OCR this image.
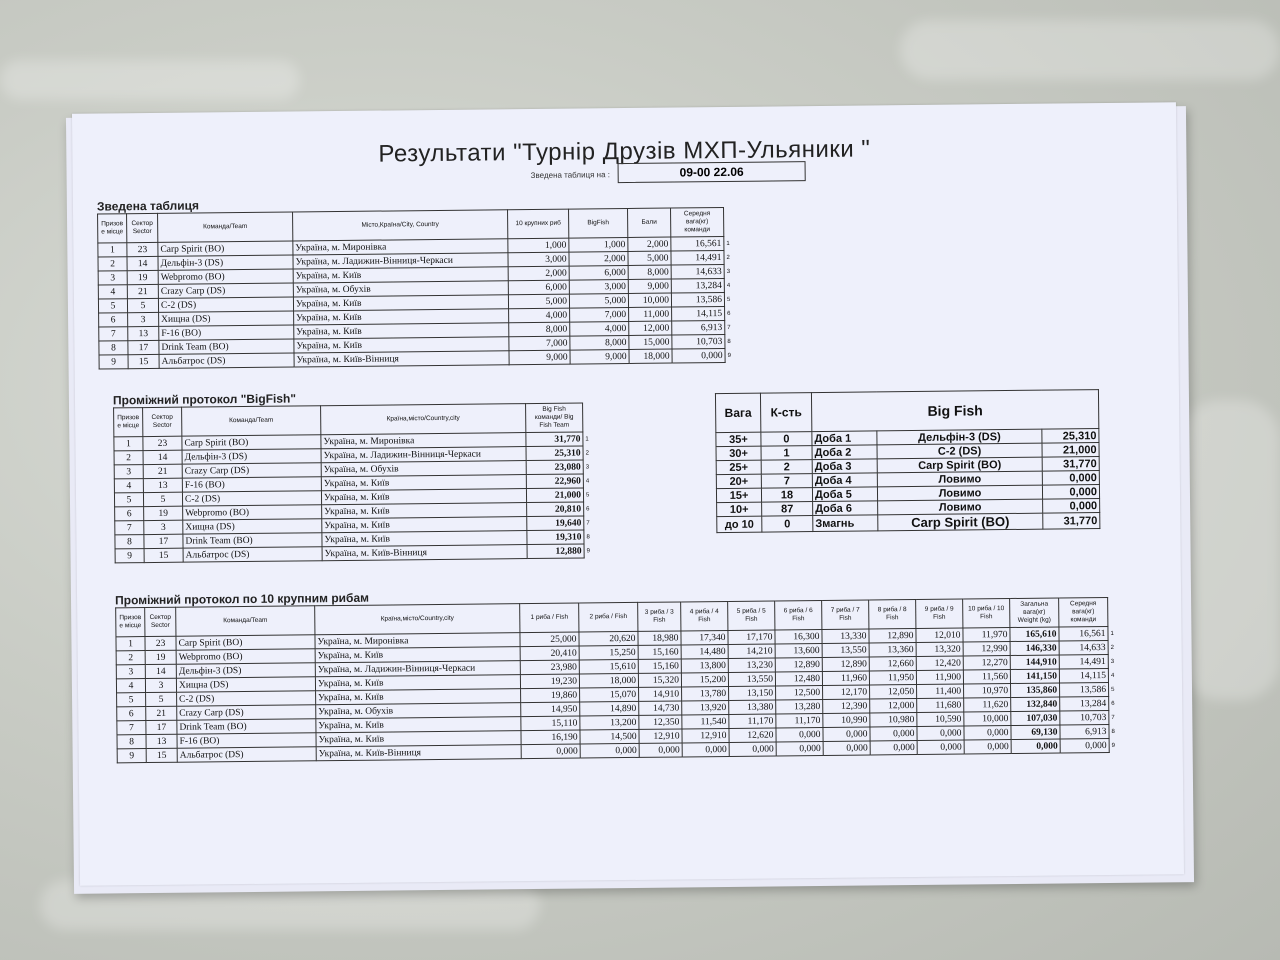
Результати "Турнір Друзів МХП-Ульяники "
Зведена таблиця на :	09-00 22.06
Зведена таблиця
Призов е місце	Сектор Sector	Команда/Team	Місто,Країна/City, Country	10 крупних риб	BigFish	Бали	Середня вага(кг) команди	
1	23	Carp Spirit (BO)	Україна, м. Миронівка	1,000	1,000	2,000	16,561	1
2	14	Дельфін-3 (DS)	Україна, м. Ладижин-Вінниця-Черкаси	3,000	2,000	5,000	14,491	2
3	19	Webpromo (BO)	Україна, м. Київ	2,000	6,000	8,000	14,633	3
4	21	Crazy Carp (DS)	Україна, м. Обухів	6,000	3,000	9,000	13,284	4
5	5	C-2 (DS)	Україна, м. Київ	5,000	5,000	10,000	13,586	5
6	3	Хищна (DS)	Україна, м. Київ	4,000	7,000	11,000	14,115	6
7	13	F-16 (BO)	Україна, м. Київ	8,000	4,000	12,000	6,913	7
8	17	Drink Team (BO)	Україна, м. Київ	7,000	8,000	15,000	10,703	8
9	15	Альбатрос (DS)	Україна, м. Київ-Вінниця	9,000	9,000	18,000	0,000	9
Проміжний протокол "BigFish"
Призов е місце	Сектор Sector	Команда/Team	Країна,місто/Country,city	Big Fish команди/ Big Fish Team	
1	23	Carp Spirit (BO)	Україна, м. Миронівка	31,770	1
2	14	Дельфін-3 (DS)	Україна, м. Ладижин-Вінниця-Черкаси	25,310	2
3	21	Crazy Carp (DS)	Україна, м. Обухів	23,080	3
4	13	F-16 (BO)	Україна, м. Київ	22,960	4
5	5	C-2 (DS)	Україна, м. Київ	21,000	5
6	19	Webpromo (BO)	Україна, м. Київ	20,810	6
7	3	Хищна (DS)	Україна, м. Київ	19,640	7
8	17	Drink Team (BO)	Україна, м. Київ	19,310	8
9	15	Альбатрос (DS)	Україна, м. Київ-Вінниця	12,880	9
Вага	К-сть	Big Fish		
35+	0	Доба 1	Дельфін-3 (DS)	25,310
30+	1	Доба 2	C-2 (DS)	21,000
25+	2	Доба 3	Carp Spirit (BO)	31,770
20+	7	Доба 4	Ловимо	0,000
15+	18	Доба 5	Ловимо	0,000
10+	87	Доба 6	Ловимо	0,000
до 10	0	Змагнь	Carp Spirit (BO)	31,770
Проміжний протокол по 10 крупним рибам
Призов е місце	Сектор Sector	Команда/Team	Країна,місто/Country,city	1 риба / Fish	2 риба / Fish	3 риба / 3 Fish	4 риба / 4 Fish	5 риба / 5 Fish	6 риба / 6 Fish	7 риба / 7 Fish	8 риба / 8 Fish	9 риба / 9 Fish	10 риба / 10 Fish	Загальна вага(кг) Weight (kg)	Середня вага(кг) команди	
1	23	Carp Spirit (BO)	Україна, м. Миронівка	25,000	20,620	18,980	17,340	17,170	16,300	13,330	12,890	12,010	11,970	165,610	16,561	1
2	19	Webpromo (BO)	Україна, м. Київ	20,410	15,250	15,160	14,480	14,210	13,600	13,550	13,360	13,320	12,990	146,330	14,633	2
3	14	Дельфін-3 (DS)	Україна, м. Ладижин-Вінниця-Черкаси	23,980	15,610	15,160	13,800	13,230	12,890	12,890	12,660	12,420	12,270	144,910	14,491	3
4	3	Хищна (DS)	Україна, м. Київ	19,230	18,000	15,320	15,200	13,550	12,480	11,960	11,950	11,900	11,560	141,150	14,115	4
5	5	C-2 (DS)	Україна, м. Київ	19,860	15,070	14,910	13,780	13,150	12,500	12,170	12,050	11,400	10,970	135,860	13,586	5
6	21	Crazy Carp (DS)	Україна, м. Обухів	14,950	14,890	14,730	13,920	13,380	13,280	12,390	12,000	11,680	11,620	132,840	13,284	6
7	17	Drink Team (BO)	Україна, м. Київ	15,110	13,200	12,350	11,540	11,170	11,170	10,990	10,980	10,590	10,000	107,030	10,703	7
8	13	F-16 (BO)	Україна, м. Київ	16,190	14,500	12,910	12,910	12,620	0,000	0,000	0,000	0,000	0,000	69,130	6,913	8
9	15	Альбатрос (DS)	Україна, м. Київ-Вінниця	0,000	0,000	0,000	0,000	0,000	0,000	0,000	0,000	0,000	0,000	0,000	0,000	9
